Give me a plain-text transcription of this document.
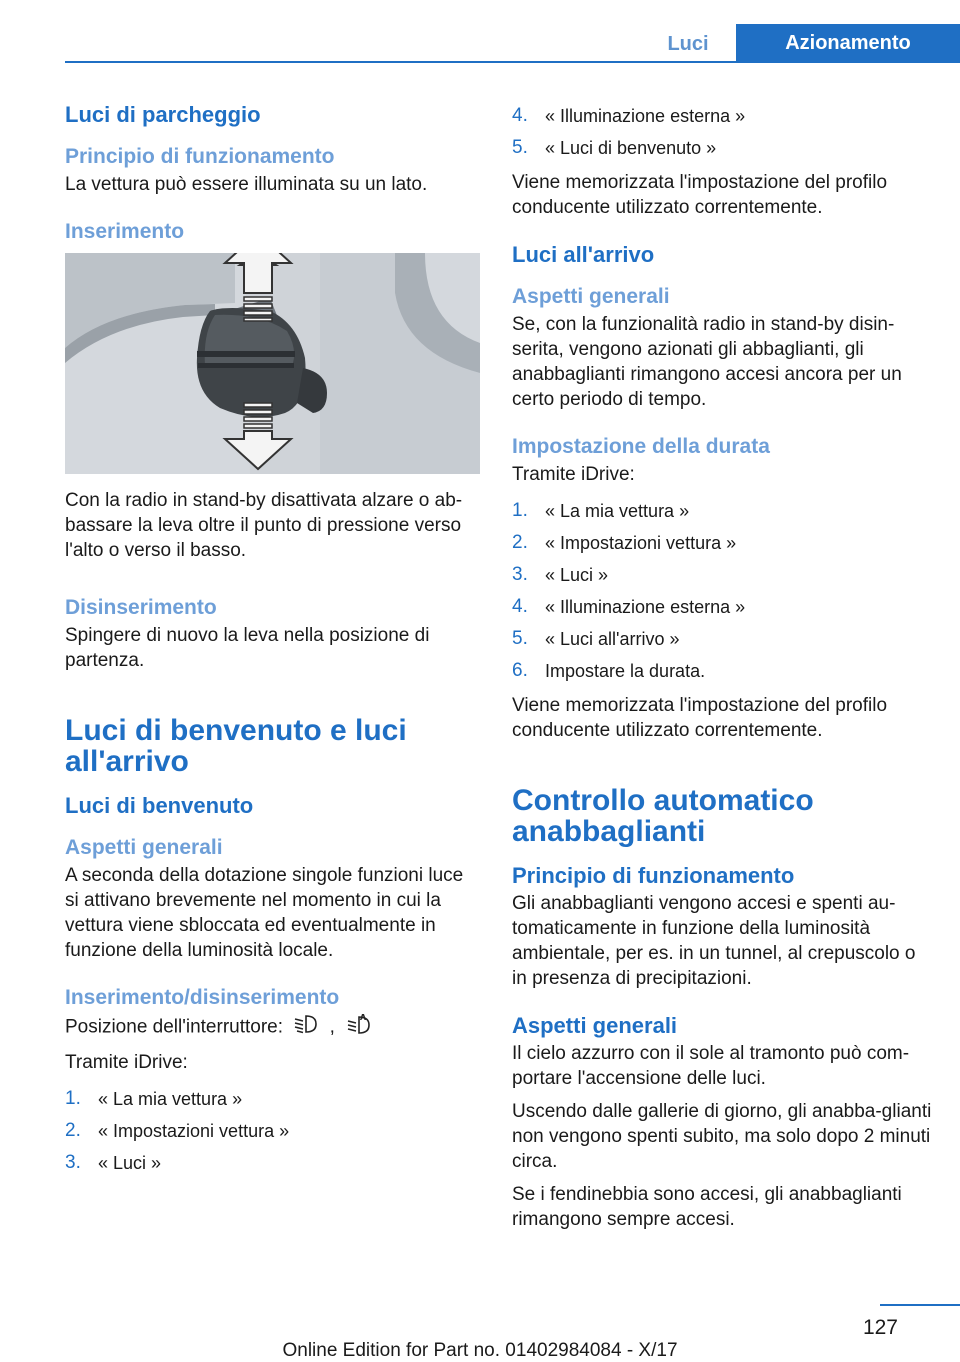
Luci	Azionamento
Luci di parcheggio
Principio di funzionamento

La vettura può essere illuminata su un lato.

Inserimento

Con la radio in stand-by disattivata alzare o ab-bassare la leva oltre il punto di pressione verso l'alto o verso il basso.

Disinserimento

Spingere di nuovo la leva nella posizione di partenza.

Luci di benvenuto e luci all'arrivo
Luci di benvenuto
Aspetti generali

A seconda della dotazione singole funzioni luce si attivano brevemente nel momento in cui la vettura viene sbloccata ed eventualmente in funzione della luminosità locale.

Inserimento/disinserimento

Posizione dell'interruttore: ,

Tramite iDrive:

1. « La mia vettura »
2. « Impostazioni vettura »
3. « Luci »
4. « Illuminazione esterna »
5. « Luci di benvenuto »

Viene memorizzata l'impostazione del profilo conducente utilizzato correntemente.

Luci all'arrivo
Aspetti generali

Se, con la funzionalità radio in stand-by disin-serita, vengono azionati gli abbaglianti, gli anabbaglianti rimangono accesi ancora per un certo periodo di tempo.

Impostazione della durata

Tramite iDrive:

1. « La mia vettura »
2. « Impostazioni vettura »
3. « Luci »
4. « Illuminazione esterna »
5. « Luci all'arrivo »
6. Impostare la durata.

Viene memorizzata l'impostazione del profilo conducente utilizzato correntemente.

Controllo automatico anabbaglianti
Principio di funzionamento

Gli anabbaglianti vengono accesi e spenti au-tomaticamente in funzione della luminosità ambientale, per es. in un tunnel, al crepuscolo o in presenza di precipitazioni.

Aspetti generali

Il cielo azzurro con il sole al tramonto può com-portare l'accensione delle luci.

Uscendo dalle gallerie di giorno, gli anabba-glianti non vengono spenti subito, ma solo dopo 2 minuti circa.

Se i fendinebbia sono accesi, gli anabbaglianti rimangono sempre accesi.

127
Online Edition for Part no. 01402984084 - X/17
